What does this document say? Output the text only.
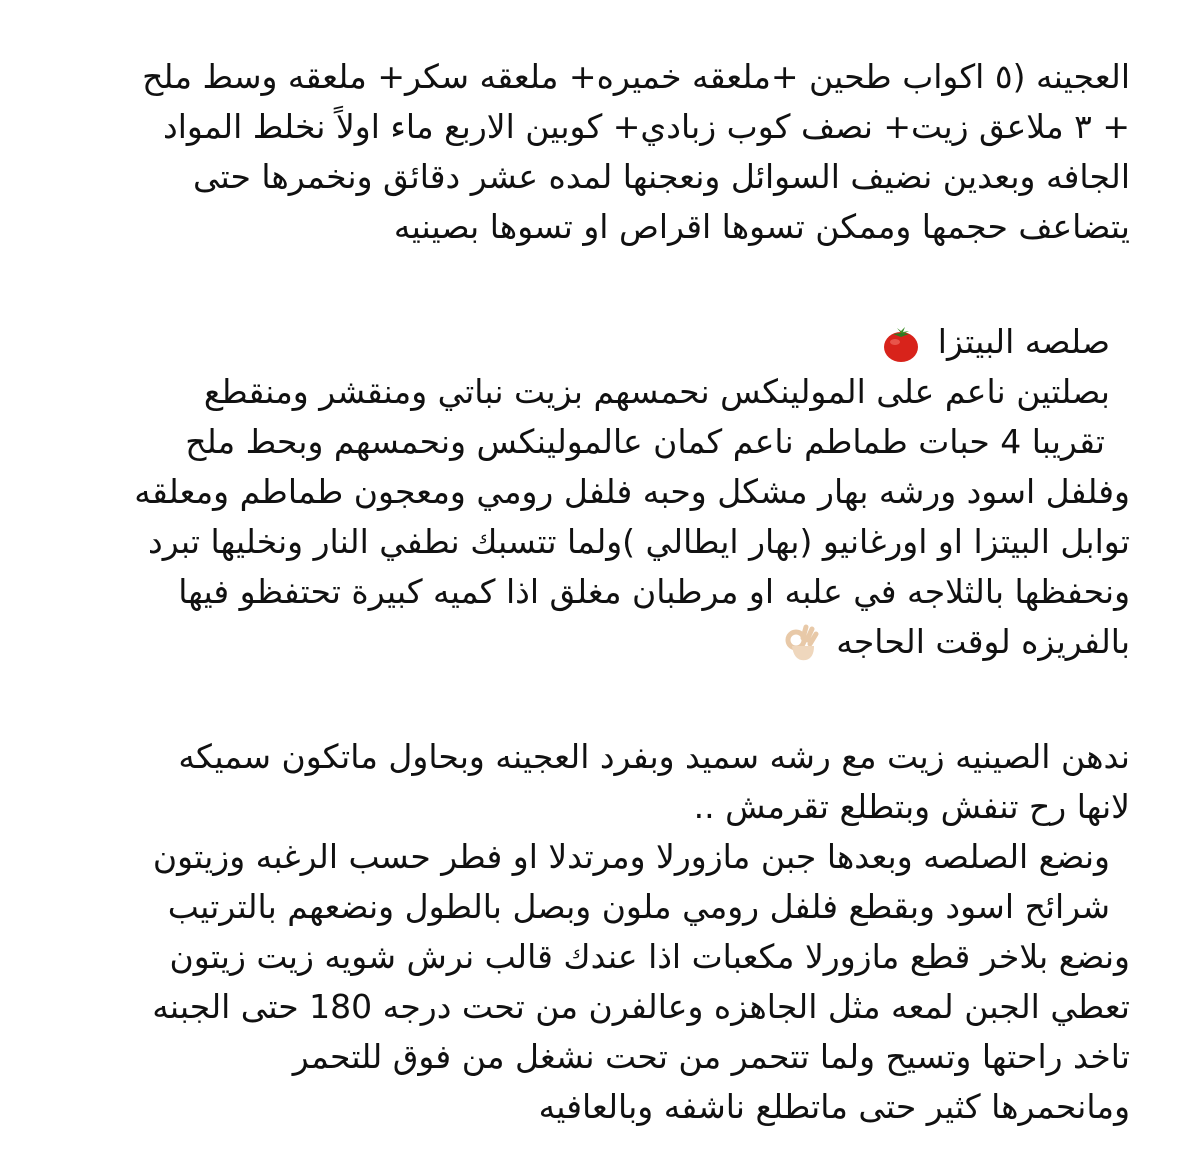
العجينه (٥ اكواب طحين +ملعقه خميره+ ملعقه سكر+ ملعقه وسط ملح
+ ٣ ملاعق زيت+ نصف كوب زبادي+ كوبين الاربع ماء اولاً نخلط المواد
الجافه وبعدين نضيف السوائل ونعجنها لمده عشر دقائق ونخمرها حتى
يتضاعف حجمها وممكن تسوها اقراص او تسوها بصينيه
صلصه البيتزا
بصلتين ناعم على المولينكس نحمسهم بزيت نباتي ومنقشر ومنقطع
تقريبا 4 حبات طماطم ناعم كمان عالمولينكس ونحمسهم وبحط ملح
وفلفل اسود ورشه بهار مشكل وحبه فلفل رومي ومعجون طماطم ومعلقه
توابل البيتزا او اورغانيو (بهار ايطالي )ولما تتسبك نطفي النار ونخليها تبرد
ونحفظها بالثلاجه في علبه او مرطبان مغلق اذا كميه كبيرة تحتفظو فيها
بالفريزه لوقت الحاجه
ندهن الصينيه زيت مع رشه سميد وبفرد العجينه وبحاول ماتكون سميكه
لانها رح تنفش وبتطلع تقرمش ..
ونضع الصلصه وبعدها جبن مازورلا ومرتدلا او فطر حسب الرغبه وزيتون
شرائح اسود وبقطع فلفل رومي ملون وبصل بالطول ونضعهم بالترتيب
ونضع بلاخر قطع مازورلا مكعبات اذا عندك قالب نرش شويه زيت زيتون
تعطي الجبن لمعه مثل الجاهزه وعالفرن من تحت درجه 180 حتى الجبنه
تاخد راحتها وتسيح ولما تتحمر من تحت نشغل من فوق للتحمر
ومانحمرها كثير حتى ماتطلع ناشفه وبالعافيه
